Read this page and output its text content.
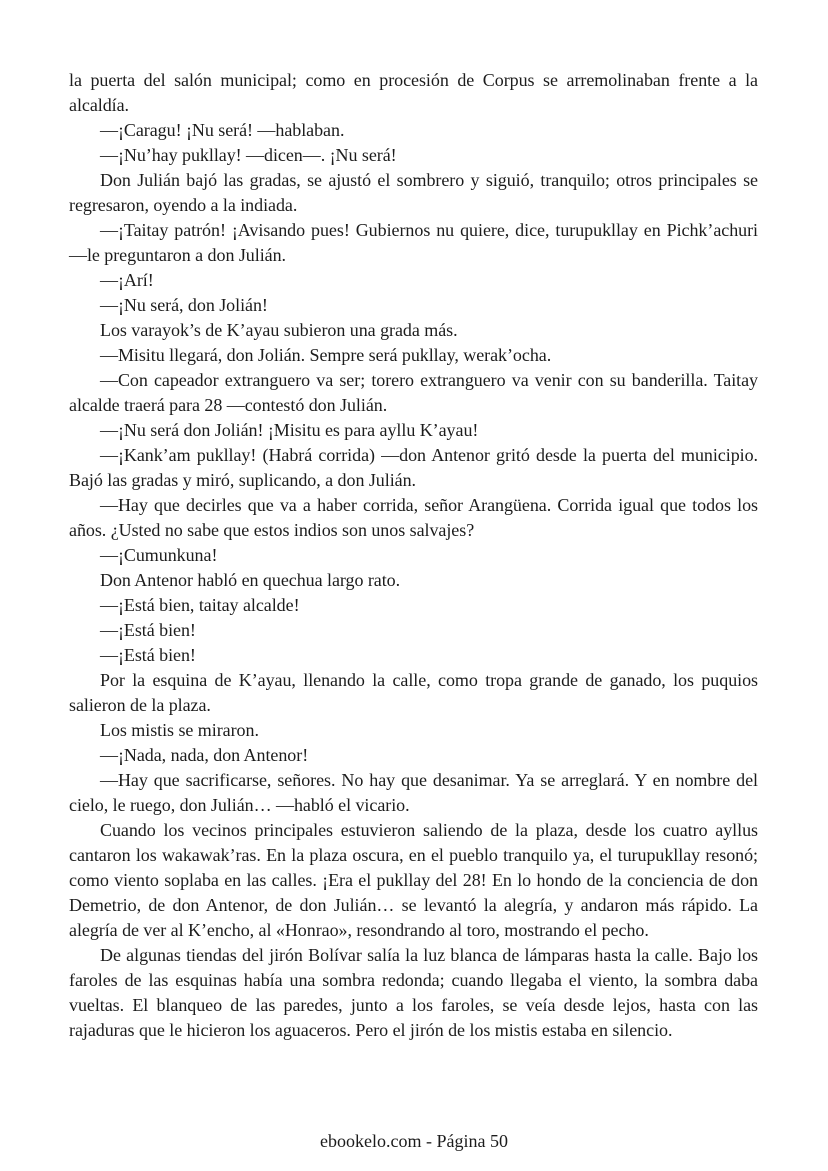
la puerta del salón municipal; como en procesión de Corpus se arremolinaban frente a la alcaldía.

—¡Caragu! ¡Nu será! —hablaban.

—¡Nu’hay pukllay! —dicen—. ¡Nu será!

Don Julián bajó las gradas, se ajustó el sombrero y siguió, tranquilo; otros principales se regresaron, oyendo a la indiada.

—¡Taitay patrón! ¡Avisando pues! Gubiernos nu quiere, dice, turupukllay en Pichk’achuri —le preguntaron a don Julián.

—¡Arí!

—¡Nu será, don Jolián!

Los varayok’s de K’ayau subieron una grada más.

—Misitu llegará, don Jolián. Sempre será pukllay, werak’ocha.

—Con capeador extranguero va ser; torero extranguero va venir con su banderilla. Taitay alcalde traerá para 28 —contestó don Julián.

—¡Nu será don Jolián! ¡Misitu es para ayllu K’ayau!

—¡Kank’am pukllay! (Habrá corrida) —don Antenor gritó desde la puerta del municipio. Bajó las gradas y miró, suplicando, a don Julián.

—Hay que decirles que va a haber corrida, señor Arangüena. Corrida igual que todos los años. ¿Usted no sabe que estos indios son unos salvajes?

—¡Cumunkuna!

Don Antenor habló en quechua largo rato.

—¡Está bien, taitay alcalde!

—¡Está bien!

—¡Está bien!

Por la esquina de K’ayau, llenando la calle, como tropa grande de ganado, los puquios salieron de la plaza.

Los mistis se miraron.

—¡Nada, nada, don Antenor!

—Hay que sacrificarse, señores. No hay que desanimar. Ya se arreglará. Y en nombre del cielo, le ruego, don Julián… —habló el vicario.

Cuando los vecinos principales estuvieron saliendo de la plaza, desde los cuatro ayllus cantaron los wakawak’ras. En la plaza oscura, en el pueblo tranquilo ya, el turupukllay resonó; como viento soplaba en las calles. ¡Era el pukllay del 28! En lo hondo de la conciencia de don Demetrio, de don Antenor, de don Julián… se levantó la alegría, y andaron más rápido. La alegría de ver al K’encho, al «Honrao», resondrando al toro, mostrando el pecho.

De algunas tiendas del jirón Bolívar salía la luz blanca de lámparas hasta la calle. Bajo los faroles de las esquinas había una sombra redonda; cuando llegaba el viento, la sombra daba vueltas. El blanqueo de las paredes, junto a los faroles, se veía desde lejos, hasta con las rajaduras que le hicieron los aguaceros. Pero el jirón de los mistis estaba en silencio.

ebookelo.com - Página 50
